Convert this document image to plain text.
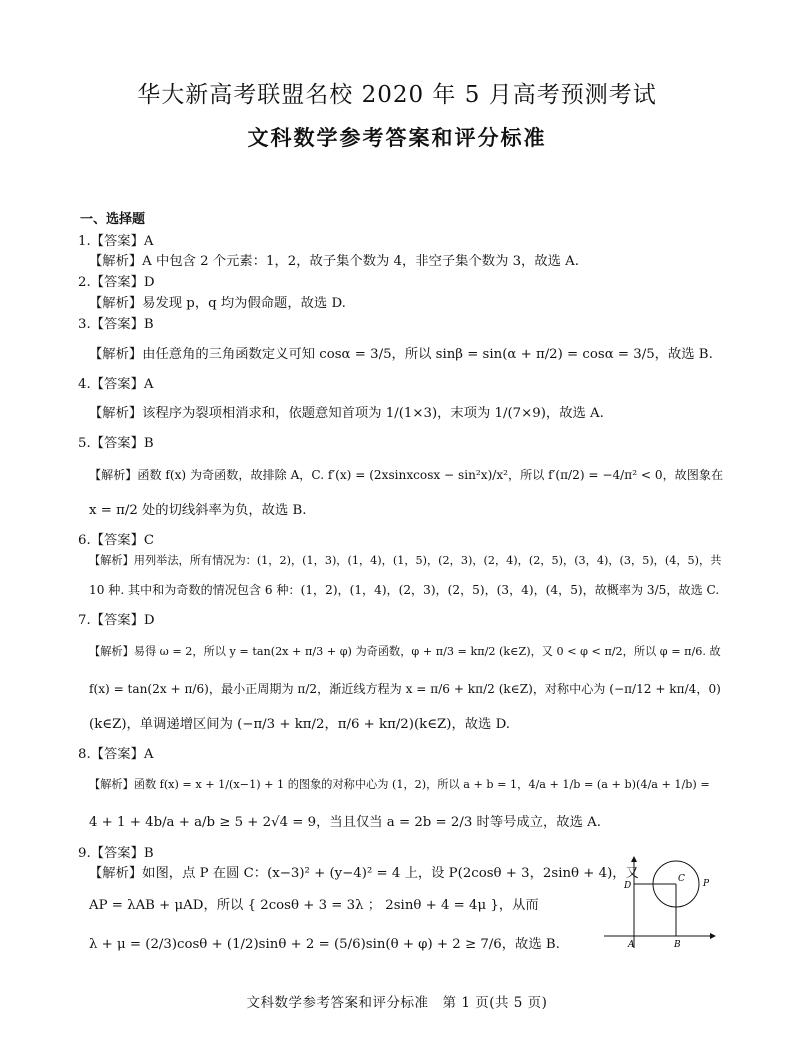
华大新高考联盟名校 2020 年 5 月高考预测考试
文科数学参考答案和评分标准
一、选择题
1.【答案】A
【解析】A 中包含 2 个元素：1，2，故子集个数为 4，非空子集个数为 3，故选 A.
2.【答案】D
【解析】易发现 p，q 均为假命题，故选 D.
3.【答案】B
【解析】由任意角的三角函数定义可知 cosα = 3/5，所以 sinβ = sin(α + π/2) = cosα = 3/5，故选 B.
4.【答案】A
【解析】该程序为裂项相消求和，依题意知首项为 1/(1×3)，末项为 1/(7×9)，故选 A.
5.【答案】B
【解析】函数 f(x) 为奇函数，故排除 A，C. f′(x) = (2xsinxcosx − sin²x)/x²，所以 f′(π/2) = −4/π² < 0，故图象在
x = π/2 处的切线斜率为负，故选 B.
6.【答案】C
【解析】用列举法，所有情况为：(1，2)，(1，3)，(1，4)，(1，5)，(2，3)，(2，4)，(2，5)，(3，4)，(3，5)，(4，5)，共
10 种. 其中和为奇数的情况包含 6 种：(1，2)，(1，4)，(2，3)，(2，5)，(3，4)，(4，5)，故概率为 3/5，故选 C.
7.【答案】D
【解析】易得 ω = 2，所以 y = tan(2x + π/3 + φ) 为奇函数，φ + π/3 = kπ/2 (k∈Z)，又 0 < φ < π/2，所以 φ = π/6. 故
f(x) = tan(2x + π/6)，最小正周期为 π/2，渐近线方程为 x = π/6 + kπ/2 (k∈Z)，对称中心为 (−π/12 + kπ/4，0)
(k∈Z)，单调递增区间为 (−π/3 + kπ/2，π/6 + kπ/2)(k∈Z)，故选 D.
8.【答案】A
【解析】函数 f(x) = x + 1/(x−1) + 1 的图象的对称中心为 (1，2)，所以 a + b = 1，4/a + 1/b = (a + b)(4/a + 1/b) =
4 + 1 + 4b/a + a/b ≥ 5 + 2√4 = 9，当且仅当 a = 2b = 2/3 时等号成立，故选 A.
9.【答案】B
【解析】如图，点 P 在圆 C：(x−3)² + (y−4)² = 4 上，设 P(2cosθ + 3，2sinθ + 4)，又
AP = λAB + μAD，所以 { 2cosθ + 3 = 3λ ； 2sinθ + 4 = 4μ }，从而
λ + μ = (2/3)cosθ + (1/2)sinθ + 2 = (5/6)sin(θ + φ) + 2 ≥ 7/6，故选 B.
D
A	B
C P
文科数学参考答案和评分标准　第 1 页(共 5 页)
